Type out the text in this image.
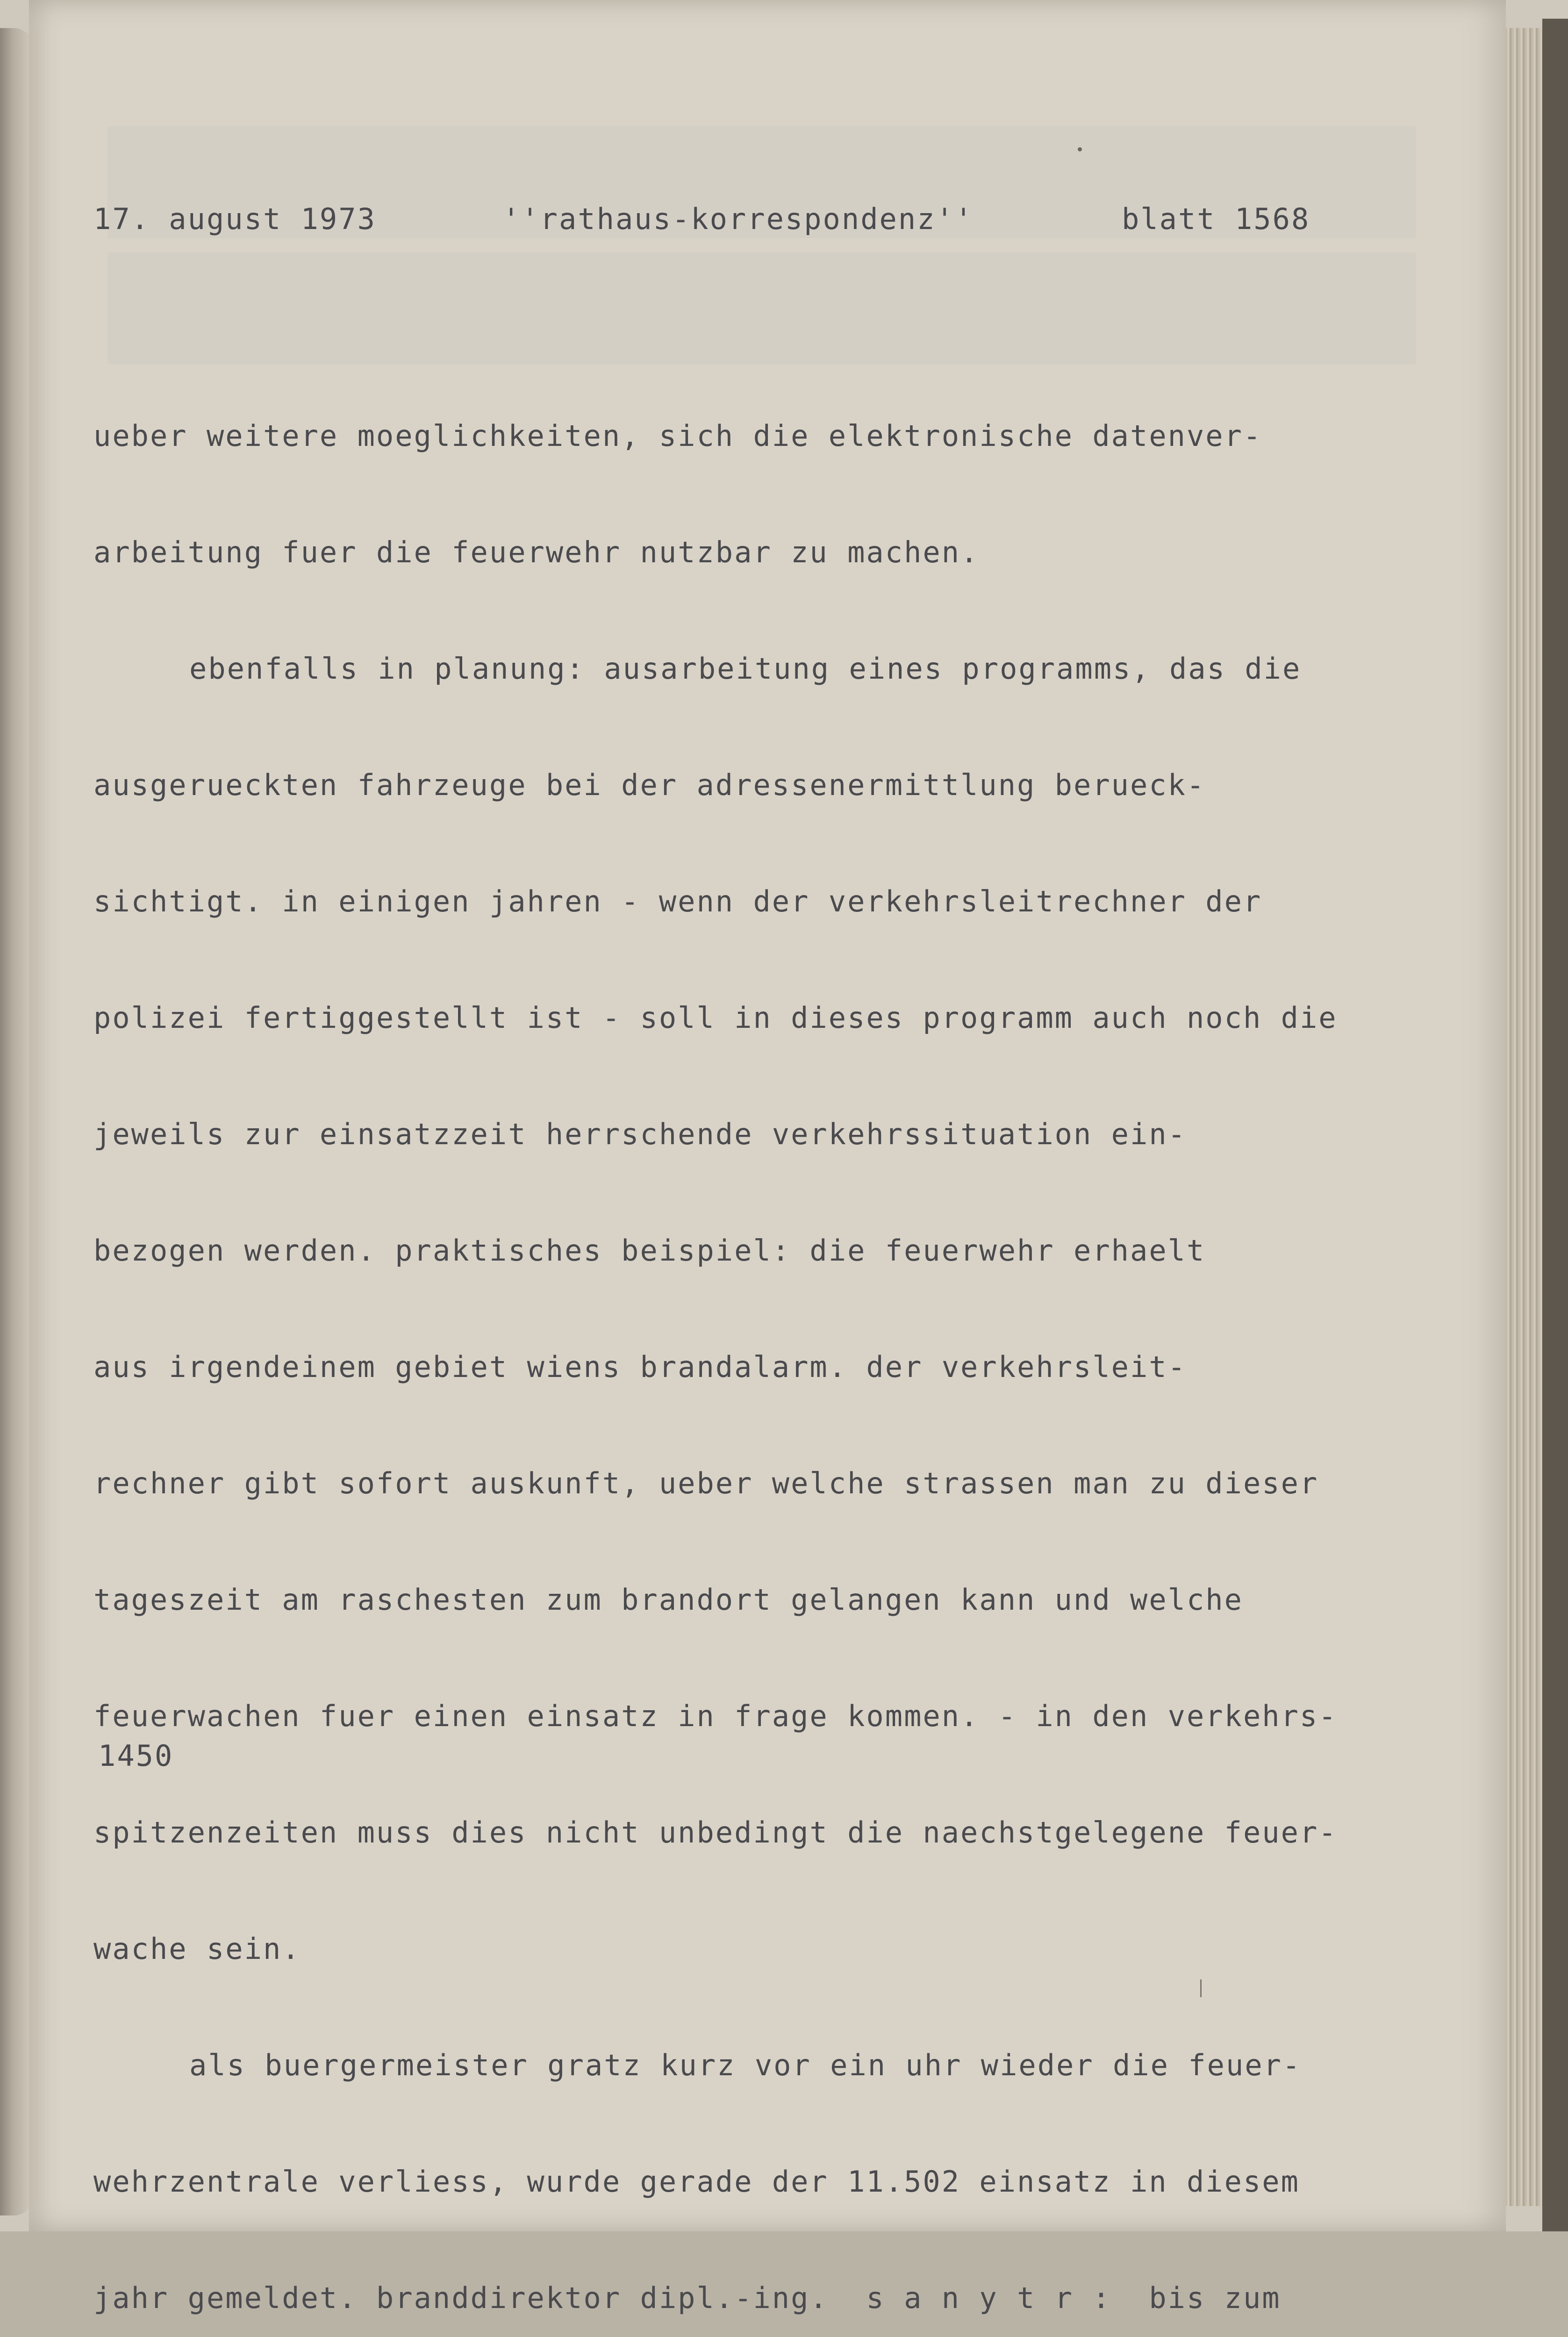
17. august 1973	''rathaus-korrespondenz''	blatt 1568

ueber weitere moeglichkeiten, sich die elektronische datenver-

arbeitung fuer die feuerwehr nutzbar zu machen.

ebenfalls in planung: ausarbeitung eines programms, das die

ausgerueckten fahrzeuge bei der adressenermittlung berueck-

sichtigt. in einigen jahren - wenn der verkehrsleitrechner der

polizei fertiggestellt ist - soll in dieses programm auch noch die

jeweils zur einsatzzeit herrschende verkehrssituation ein-

bezogen werden. praktisches beispiel: die feuerwehr erhaelt

aus irgendeinem gebiet wiens brandalarm. der verkehrsleit-

rechner gibt sofort auskunft, ueber welche strassen man zu dieser

tageszeit am raschesten zum brandort gelangen kann und welche

feuerwachen fuer einen einsatz in frage kommen. - in den verkehrs-

spitzenzeiten muss dies nicht unbedingt die naechstgelegene feuer-

wache sein.

als buergermeister gratz kurz vor ein uhr wieder die feuer-

wehrzentrale verliess, wurde gerade der 11.502 einsatz in diesem

jahr gemeldet. branddirektor dipl.-ing.  s a n y t r :  bis zum

1450
